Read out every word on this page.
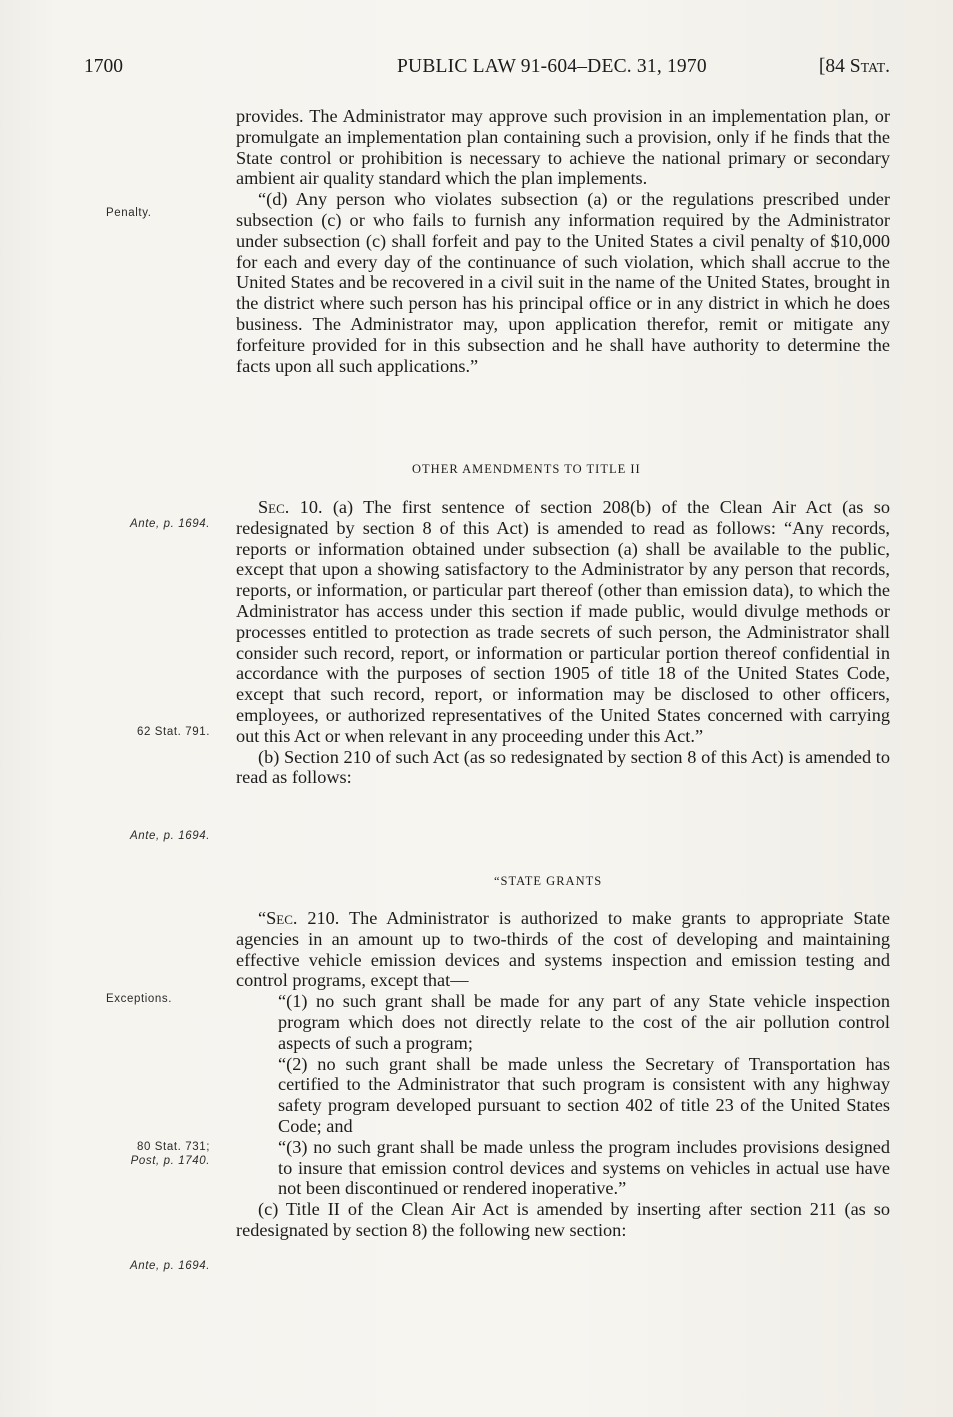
1700	PUBLIC LAW 91-604–DEC. 31, 1970	[84 Stat.
Penalty.
Ante, p. 1694.
62 Stat. 791.
Ante, p. 1694.
Exceptions.
80 Stat. 731;
Post, p. 1740.
Ante, p. 1694.

provides. The Administrator may approve such provision in an implementation plan, or promulgate an implementation plan containing such a provision, only if he finds that the State control or prohibition is necessary to achieve the national primary or secondary ambient air quality standard which the plan implements.

“(d) Any person who violates subsection (a) or the regulations prescribed under subsection (c) or who fails to furnish any information required by the Administrator under subsection (c) shall forfeit and pay to the United States a civil penalty of $10,000 for each and every day of the continuance of such violation, which shall accrue to the United States and be recovered in a civil suit in the name of the United States, brought in the district where such person has his principal office or in any district in which he does business. The Administrator may, upon application therefor, remit or mitigate any forfeiture provided for in this subsection and he shall have authority to determine the facts upon all such applications.”

OTHER AMENDMENTS TO TITLE II

Sec. 10. (a) The first sentence of section 208(b) of the Clean Air Act (as so redesignated by section 8 of this Act) is amended to read as follows: “Any records, reports or information obtained under subsection (a) shall be available to the public, except that upon a showing satisfactory to the Administrator by any person that records, reports, or information, or particular part thereof (other than emission data), to which the Administrator has access under this section if made public, would divulge methods or processes entitled to protection as trade secrets of such person, the Administrator shall consider such record, report, or information or particular portion thereof confidential in accordance with the purposes of section 1905 of title 18 of the United States Code, except that such record, report, or information may be disclosed to other officers, employees, or authorized representatives of the United States concerned with carrying out this Act or when relevant in any proceeding under this Act.”

(b) Section 210 of such Act (as so redesignated by section 8 of this Act) is amended to read as follows:

“STATE GRANTS

“Sec. 210. The Administrator is authorized to make grants to appropriate State agencies in an amount up to two-thirds of the cost of developing and maintaining effective vehicle emission devices and systems inspection and emission testing and control programs, except that—

“(1) no such grant shall be made for any part of any State vehicle inspection program which does not directly relate to the cost of the air pollution control aspects of such a program;

“(2) no such grant shall be made unless the Secretary of Transportation has certified to the Administrator that such program is consistent with any highway safety program developed pursuant to section 402 of title 23 of the United States Code; and

“(3) no such grant shall be made unless the program includes provisions designed to insure that emission control devices and systems on vehicles in actual use have not been discontinued or rendered inoperative.”

(c) Title II of the Clean Air Act is amended by inserting after section 211 (as so redesignated by section 8) the following new section:
